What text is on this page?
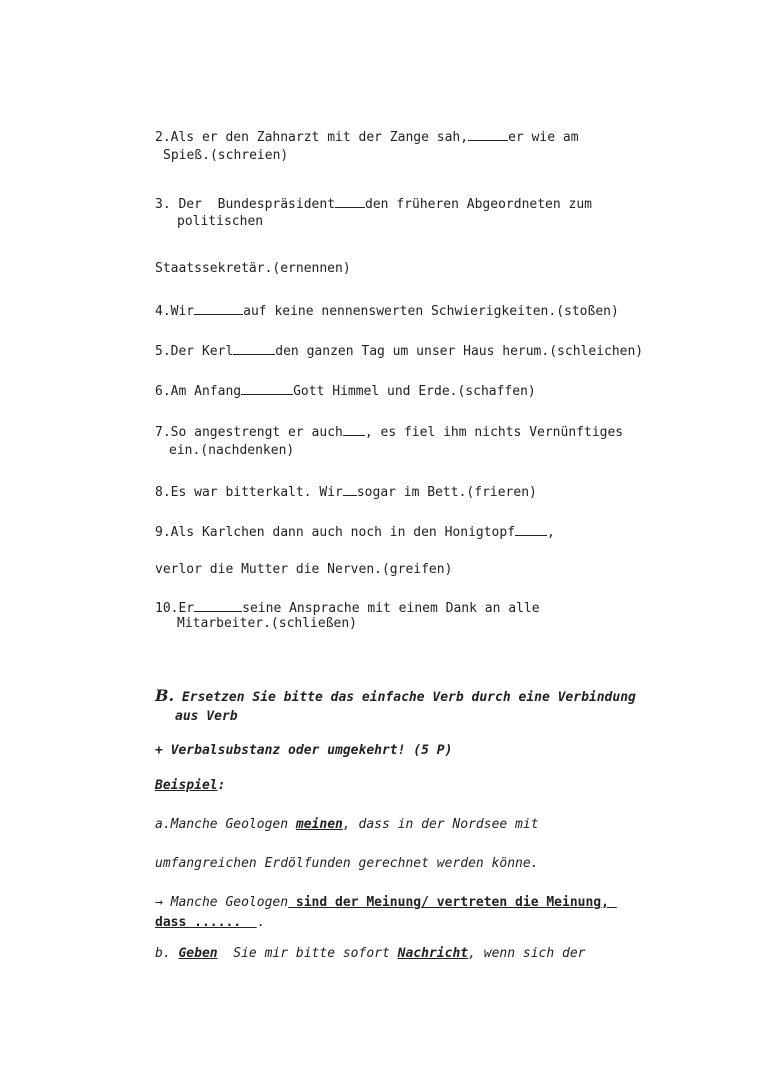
2.Als er den Zahnarzt mit der Zange sah,	er wie am
Spieß.(schreien)
3. Der  Bundespräsident den früheren Abgeordneten zum
politischen
Staatssekretär.(ernennen)
4.Wir	auf keine nennenswerten Schwierigkeiten.(stoßen)
5.Der Kerl	den ganzen Tag um unser Haus herum.(schleichen)
6.Am Anfang	Gott Himmel und Erde.(schaffen)
7.So angestrengt er auch , es fiel ihm nichts Vernünftiges
ein.(nachdenken)
8.Es war bitterkalt. Wir sogar im Bett.(frieren)
9.Als Karlchen dann auch noch in den Honigtopf ,
verlor die Mutter die Nerven.(greifen)
10.Er	seine Ansprache mit einem Dank an alle
Mitarbeiter.(schließen)
B. Ersetzen Sie bitte das einfache Verb durch eine Verbindung
aus Verb
+ Verbalsubstanz oder umgekehrt! (5 P)
Beispiel:
a.Manche Geologen meinen, dass in der Nordsee mit
umfangreichen Erdölfunden gerechnet werden könne.
→ Manche Geologen sind der Meinung/ vertreten die Meinung,
dass ...... .
b. Geben Sie mir bitte sofort Nachricht, wenn sich der
